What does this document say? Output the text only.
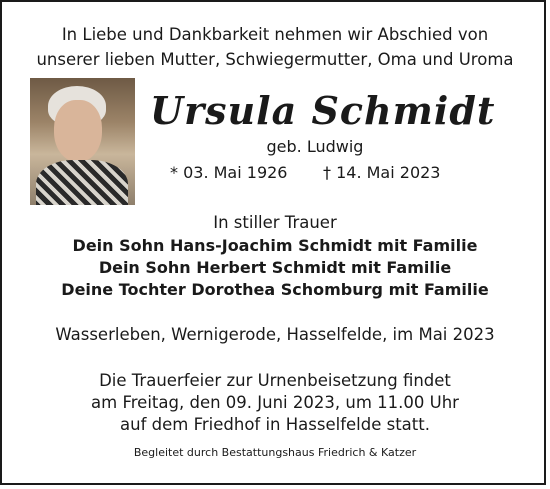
In Liebe und Dankbarkeit nehmen wir Abschied von
unserer lieben Mutter, Schwiegermutter, Oma und Uroma
Ursula Schmidt
geb. Ludwig
* 03. Mai 1926 † 14. Mai 2023
In stiller Trauer
Dein Sohn Hans-Joachim Schmidt mit Familie
Dein Sohn Herbert Schmidt mit Familie
Deine Tochter Dorothea Schomburg mit Familie
Wasserleben, Wernigerode, Hasselfelde, im Mai 2023
Die Trauerfeier zur Urnenbeisetzung findet
am Freitag, den 09. Juni 2023, um 11.00 Uhr
auf dem Friedhof in Hasselfelde statt.
Begleitet durch Bestattungshaus Friedrich & Katzer
